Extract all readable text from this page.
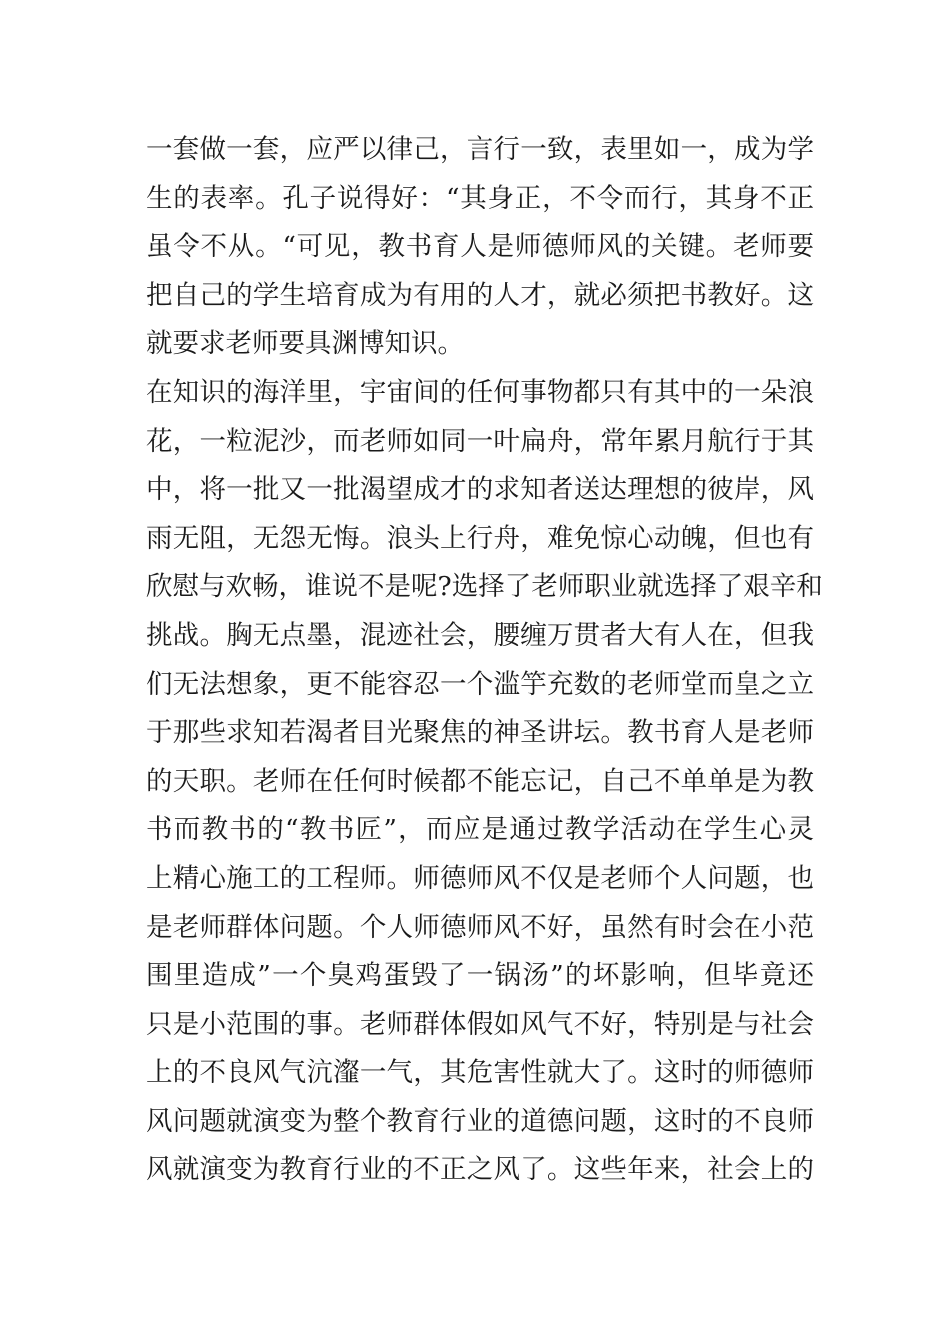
一套做一套，应严以律己，言行一致，表里如一，成为学
生的表率。孔子说得好：“其身正，不令而行，其身不正
虽令不从。“可见，教书育人是师德师风的关键。老师要
把自己的学生培育成为有用的人才，就必须把书教好。这
就要求老师要具渊博知识。
在知识的海洋里，宇宙间的任何事物都只有其中的一朵浪
花，一粒泥沙，而老师如同一叶扁舟，常年累月航行于其
中，将一批又一批渴望成才的求知者送达理想的彼岸，风
雨无阻，无怨无悔。浪头上行舟，难免惊心动魄，但也有
欣慰与欢畅，谁说不是呢?选择了老师职业就选择了艰辛和
挑战。胸无点墨，混迹社会，腰缠万贯者大有人在，但我
们无法想象，更不能容忍一个滥竽充数的老师堂而皇之立
于那些求知若渴者目光聚焦的神圣讲坛。教书育人是老师
的天职。老师在任何时候都不能忘记，自己不单单是为教
书而教书的“教书匠”，而应是通过教学活动在学生心灵
上精心施工的工程师。师德师风不仅是老师个人问题，也
是老师群体问题。个人师德师风不好，虽然有时会在小范
围里造成”一个臭鸡蛋毁了一锅汤”的坏影响，但毕竟还
只是小范围的事。老师群体假如风气不好，特别是与社会
上的不良风气沆瀣一气，其危害性就大了。这时的师德师
风问题就演变为整个教育行业的道德问题，这时的不良师
风就演变为教育行业的不正之风了。这些年来，社会上的
